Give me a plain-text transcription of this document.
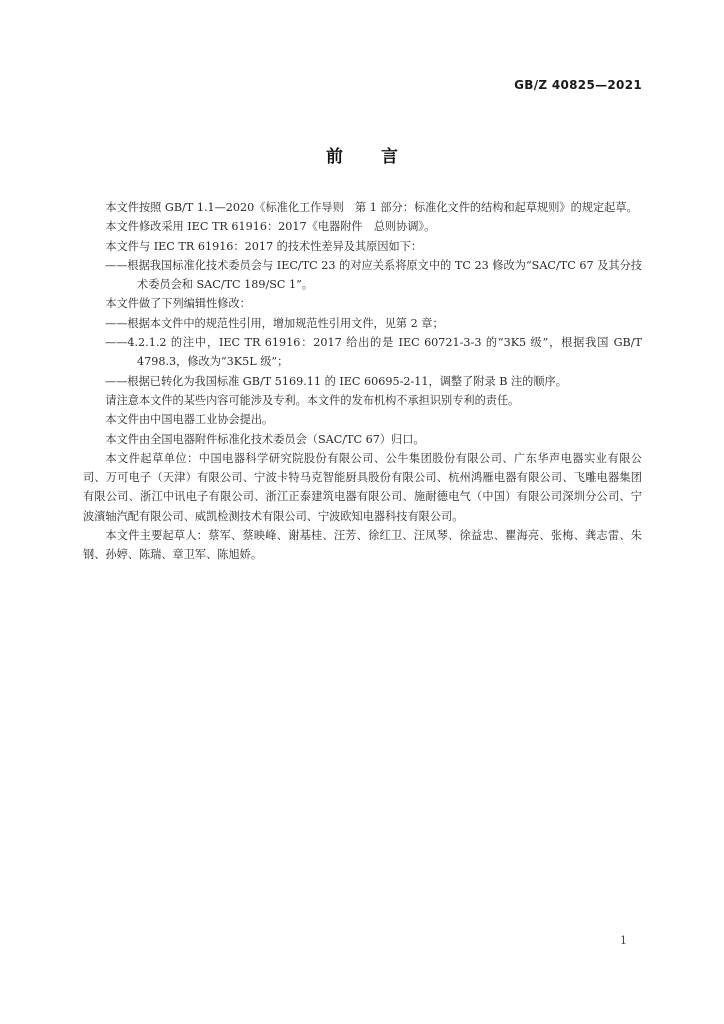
GB/Z 40825—2021
前言

本文件按照 GB/T 1.1—2020《标准化工作导则　第 1 部分：标准化文件的结构和起草规则》的规定起草。

本文件修改采用 IEC TR 61916：2017《电器附件　总则协调》。

本文件与 IEC TR 61916：2017 的技术性差异及其原因如下：

——根据我国标准化技术委员会与 IEC/TC 23 的对应关系将原文中的 TC 23 修改为“SAC/TC 67 及其分技术委员会和 SAC/TC 189/SC 1”。

本文件做了下列编辑性修改：

——根据本文件中的规范性引用，增加规范性引用文件，见第 2 章；

——4.2.1.2 的注中，IEC TR 61916：2017 给出的是 IEC 60721-3-3 的“3K5 级”，根据我国 GB/T 4798.3，修改为“3K5L 级”；

——根据已转化为我国标准 GB/T 5169.11 的 IEC 60695-2-11，调整了附录 B 注的顺序。

请注意本文件的某些内容可能涉及专利。本文件的发布机构不承担识别专利的责任。

本文件由中国电器工业协会提出。

本文件由全国电器附件标准化技术委员会（SAC/TC 67）归口。

本文件起草单位：中国电器科学研究院股份有限公司、公牛集团股份有限公司、广东华声电器实业有限公司、万可电子（天津）有限公司、宁波卡特马克智能厨具股份有限公司、杭州鸿雁电器有限公司、飞雕电器集团有限公司、浙江中讯电子有限公司、浙江正泰建筑电器有限公司、施耐德电气（中国）有限公司深圳分公司、宁波濱轴汽配有限公司、威凯检测技术有限公司、宁波欧知电器科技有限公司。

本文件主要起草人：蔡军、蔡映峰、谢基桂、汪芳、徐红卫、汪凤琴、徐益忠、瞿海亮、张梅、龚志雷、朱钢、孙婷、陈瑞、章卫军、陈旭娇。

1
